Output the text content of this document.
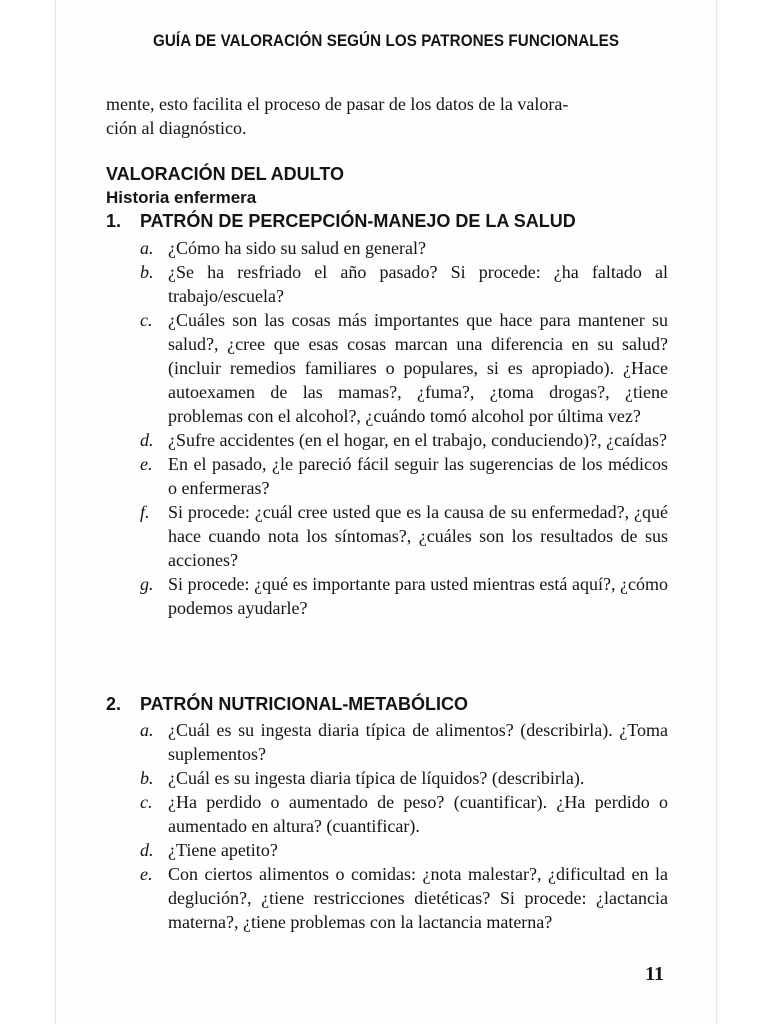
GUÍA DE VALORACIÓN SEGÚN LOS PATRONES FUNCIONALES

mente, esto facilita el proceso de pasar de los datos de la valora-

ción al diagnóstico.

VALORACIÓN DEL ADULTO
Historia enfermera
1. PATRÓN DE PERCEPCIÓN-MANEJO DE LA SALUD
a. ¿Cómo ha sido su salud en general?
b. ¿Se ha resfriado el año pasado? Si procede: ¿ha faltado al trabajo/escuela?
c. ¿Cuáles son las cosas más importantes que hace para mantener su salud?, ¿cree que esas cosas marcan una diferencia en su salud? (incluir remedios familiares o populares, si es apropiado). ¿Hace autoexamen de las mamas?, ¿fuma?, ¿toma drogas?, ¿tiene problemas con el alcohol?, ¿cuándo tomó alcohol por última vez?
d. ¿Sufre accidentes (en el hogar, en el trabajo, conduciendo)?, ¿caídas?
e. En el pasado, ¿le pareció fácil seguir las sugerencias de los médicos o enfermeras?
f. Si procede: ¿cuál cree usted que es la causa de su enfermedad?, ¿qué hace cuando nota los síntomas?, ¿cuáles son los resultados de sus acciones?
g. Si procede: ¿qué es importante para usted mientras está aquí?, ¿cómo podemos ayudarle?
2. PATRÓN NUTRICIONAL-METABÓLICO
a. ¿Cuál es su ingesta diaria típica de alimentos? (describirla). ¿Toma suplementos?
b. ¿Cuál es su ingesta diaria típica de líquidos? (describirla).
c. ¿Ha perdido o aumentado de peso? (cuantificar). ¿Ha perdido o aumentado en altura? (cuantificar).
d. ¿Tiene apetito?
e. Con ciertos alimentos o comidas: ¿nota malestar?, ¿dificultad en la deglución?, ¿tiene restricciones dietéticas? Si procede: ¿lactancia materna?, ¿tiene problemas con la lactancia materna?
11
